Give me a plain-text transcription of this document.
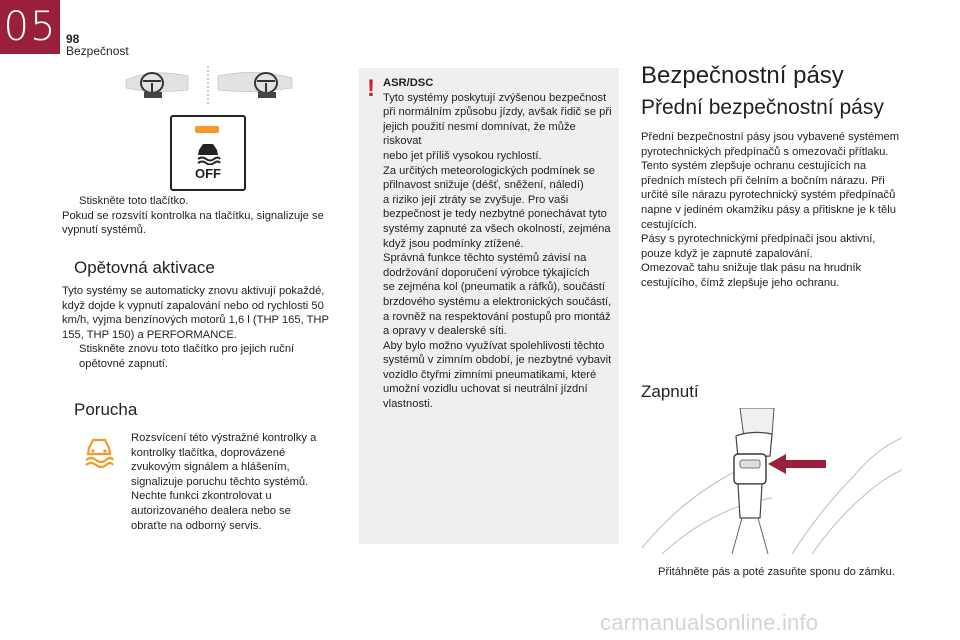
05 98
Bezpečnost
OFF
Stiskněte toto tlačítko.
Pokud se rozsvítí kontrolka na tlačítku, signalizuje se vypnutí systémů.
Opětovná aktivace
Tyto systémy se automaticky znovu aktivují pokaždé, když dojde k vypnutí zapalování nebo od rychlosti 50 km/h, vyjma benzínových motorů 1,6 l (THP 165, THP 155, THP 150) a PERFORMANCE.
Stiskněte znovu toto tlačítko pro jejich ruční opětovné zapnutí.
Porucha
Rozsvícení této výstražné kontrolky a kontrolky tlačítka, doprovázené zvukovým signálem a hlášením, signalizuje poruchu těchto systémů. Nechte funkci zkontrolovat u autorizovaného dealera nebo se obraťte na odborný servis.
! ASR/DSC
Tyto systémy poskytují zvýšenou bezpečnost
při normálním způsobu jízdy, avšak řidič se při
jejich použití nesmí domnívat, že může riskovat
nebo jet příliš vysokou rychlostí.
Za určitých meteorologických podmínek se
přilnavost snižuje (déšť, sněžení, náledí)
a riziko její ztráty se zvyšuje. Pro vaši
bezpečnost je tedy nezbytné ponechávat tyto
systémy zapnuté za všech okolností, zejména
když jsou podmínky ztížené.
Správná funkce těchto systémů závisí na
dodržování doporučení výrobce týkajících
se zejména kol (pneumatik a ráfků), součástí
brzdového systému a elektronických součástí,
a rovněž na respektování postupů pro montáž
a opravy v dealerské síti.
Aby bylo možno využívat spolehlivosti těchto
systémů v zimním období, je nezbytné vybavit
vozidlo čtyřmi zimními pneumatikami, které
umožní vozidlu uchovat si neutrální jízdní
vlastnosti.
Bezpečnostní pásy
Přední bezpečnostní pásy
Přední bezpečnostní pásy jsou vybavené systémem
pyrotechnických předpínačů s omezovači přítlaku.
Tento systém zlepšuje ochranu cestujících na
předních místech při čelním a bočním nárazu. Při
určité síle nárazu pyrotechnický systém předpínačů
napne v jediném okamžiku pásy a přitiskne je k tělu
cestujících.
Pásy s pyrotechnickými předpínači jsou aktivní,
pouze když je zapnuté zapalování.
Omezovač tahu snižuje tlak pásu na hrudník
cestujícího, čímž zlepšuje jeho ochranu.
Zapnutí
Přitáhněte pás a poté zasuňte sponu do zámku.
carmanualsonline.info
